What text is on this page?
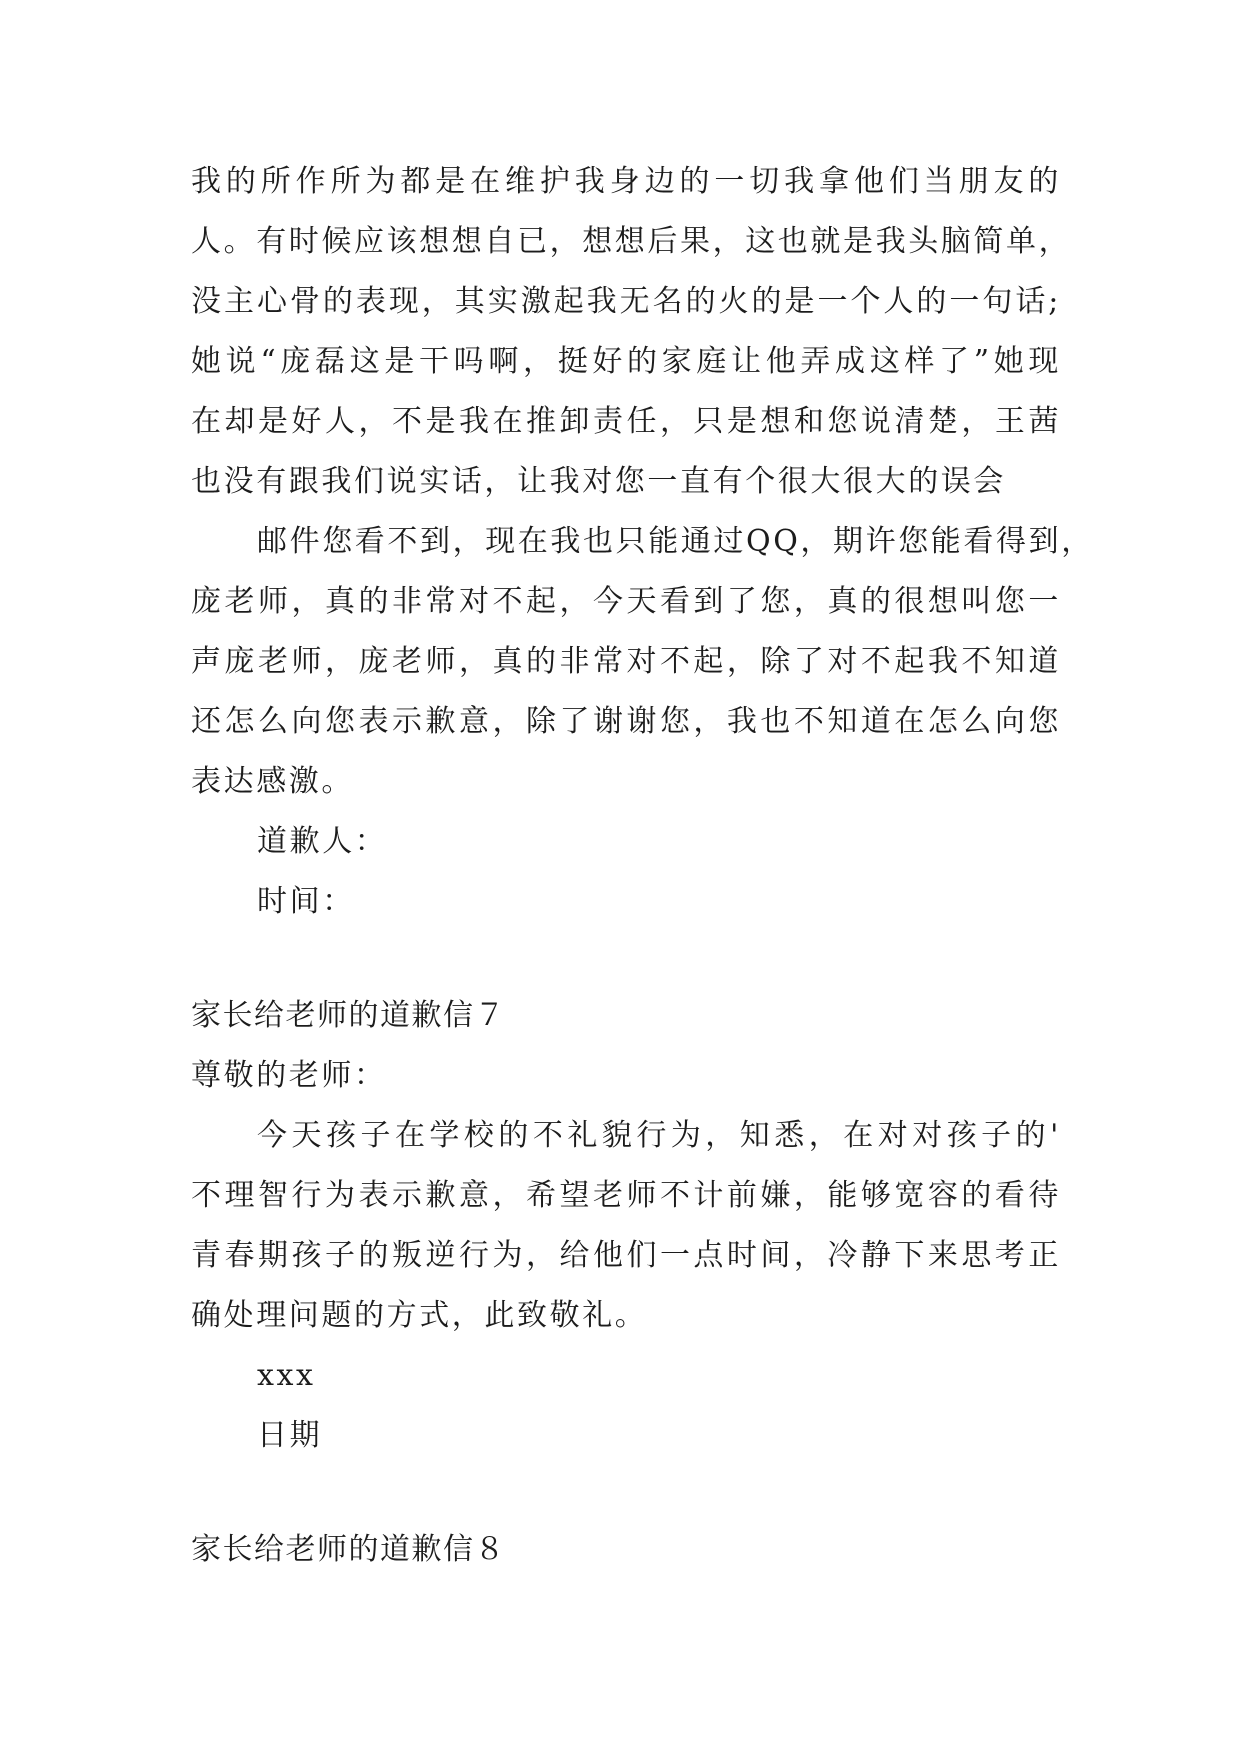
我的所作所为都是在维护我身边的一切我拿他们当朋友的
人。有时候应该想想自已，想想后果，这也就是我头脑简单，
没主心骨的表现，其实激起我无名的火的是一个人的一句话;
她说“庞磊这是干吗啊，挺好的家庭让他弄成这样了”她现
在却是好人，不是我在推卸责任，只是想和您说清楚，王茜
也没有跟我们说实话，让我对您一直有个很大很大的误会
邮件您看不到，现在我也只能通过QQ，期许您能看得到，
庞老师，真的非常对不起，今天看到了您，真的很想叫您一
声庞老师，庞老师，真的非常对不起，除了对不起我不知道
还怎么向您表示歉意，除了谢谢您，我也不知道在怎么向您
表达感激。
道歉人：
时间：
家长给老师的道歉信７
尊敬的老师：
今天孩子在学校的不礼貌行为，知悉，在对对孩子的'
不理智行为表示歉意，希望老师不计前嫌，能够宽容的看待
青春期孩子的叛逆行为，给他们一点时间，冷静下来思考正
确处理问题的方式，此致敬礼。
xxx
日期
家长给老师的道歉信８
